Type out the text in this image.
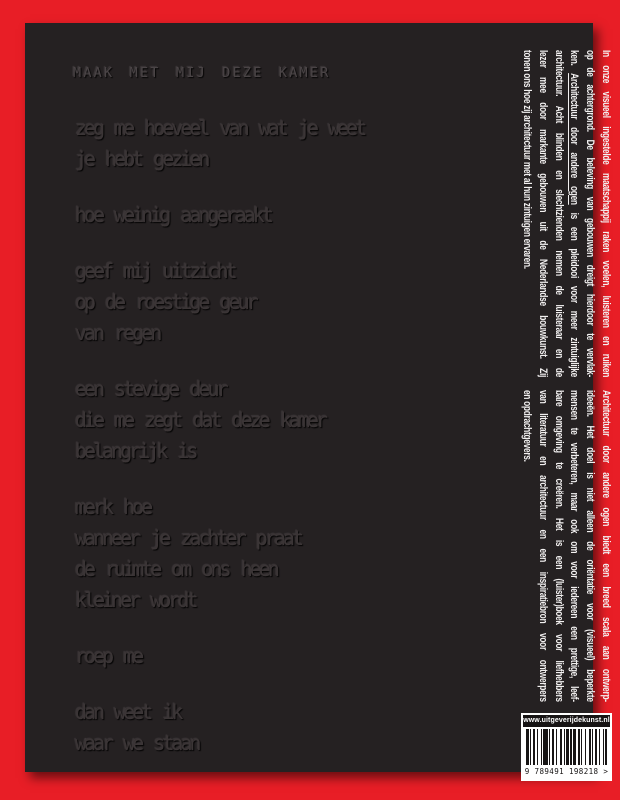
MAAK MET MIJ DEZE KAMER
zeg me hoeveel van wat je weet
je hebt gezien
hoe weinig aangeraakt
geef mij uitzicht
op de roestige geur
van regen
een stevige deur
die me zegt dat deze kamer
belangrijk is
merk hoe
wanneer je zachter praat
de ruimte om ons heen
kleiner wordt
roep me
dan weet ik
waar we staan
In onze visueel ingestelde maatschappij raken voelen, luisteren en ruiken
op de achtergrond. De beleving van gebouwen dreigt hierdoor te vervlak-
ken. Architectuur door andere ogen is een pleidooi voor meer zintuiglijke
architectuur. Acht blinden en slechtzienden nemen de luisteraar en de
lezer mee door markante gebouwen uit de Nederlandse bouwkunst. Zij
tonen ons hoe zij architectuur met al hun zintuigen ervaren.
Architectuur door andere ogen biedt een breed scala aan ontwerp-
ideeën. Het doel is niet alleen de oriëntatie voor (visueel) beperkte
mensen te verbeteren, maar ook om voor iedereen een prettige, leef-
bare omgeving te creëren. Het is een (luister)boek voor liefhebbers
van literatuur en architectuur en een inspiratiebron voor ontwerpers
en opdrachtgevers.
www.uitgeverijdekunst.nl
9 789491 198218 >
